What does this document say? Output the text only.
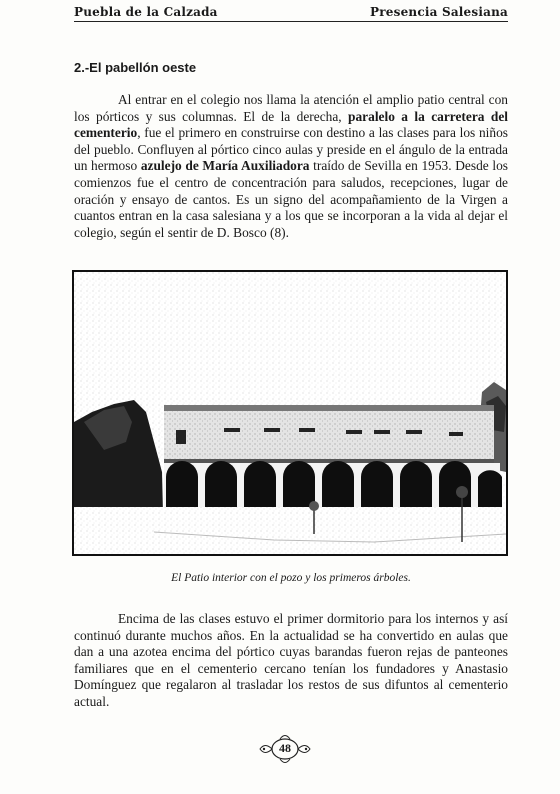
Puebla de la Calzada	Presencia Salesiana
2.-El pabellón oeste

Al entrar en el colegio nos llama la atención el amplio patio central con los pórticos y sus columnas. El de la derecha, paralelo a la carretera del cementerio, fue el primero en construirse con destino a las clases para los niños del pueblo. Confluyen al pórtico cinco aulas y preside en el ángulo de la entrada un hermoso azulejo de María Auxiliadora traído de Sevilla en 1953. Desde los comienzos fue el centro de concentración para saludos, recepciones, lugar de oración y ensayo de cantos. Es un signo del acompañamiento de la Virgen a cuantos entran en la casa salesiana y a los que se incorporan a la vida al dejar el colegio, según el sentir de D. Bosco (8).

El Patio interior con el pozo y los primeros árboles.

Encima de las clases estuvo el primer dormitorio para los internos y así continuó durante muchos años. En la actualidad se ha convertido en aulas que dan a una azotea encima del pórtico cuyas barandas fueron rejas de panteones familiares que en el cementerio cercano tenían los fundadores y Anastasio Domínguez que regalaron al trasladar los restos de sus difuntos al cementerio actual.

48
